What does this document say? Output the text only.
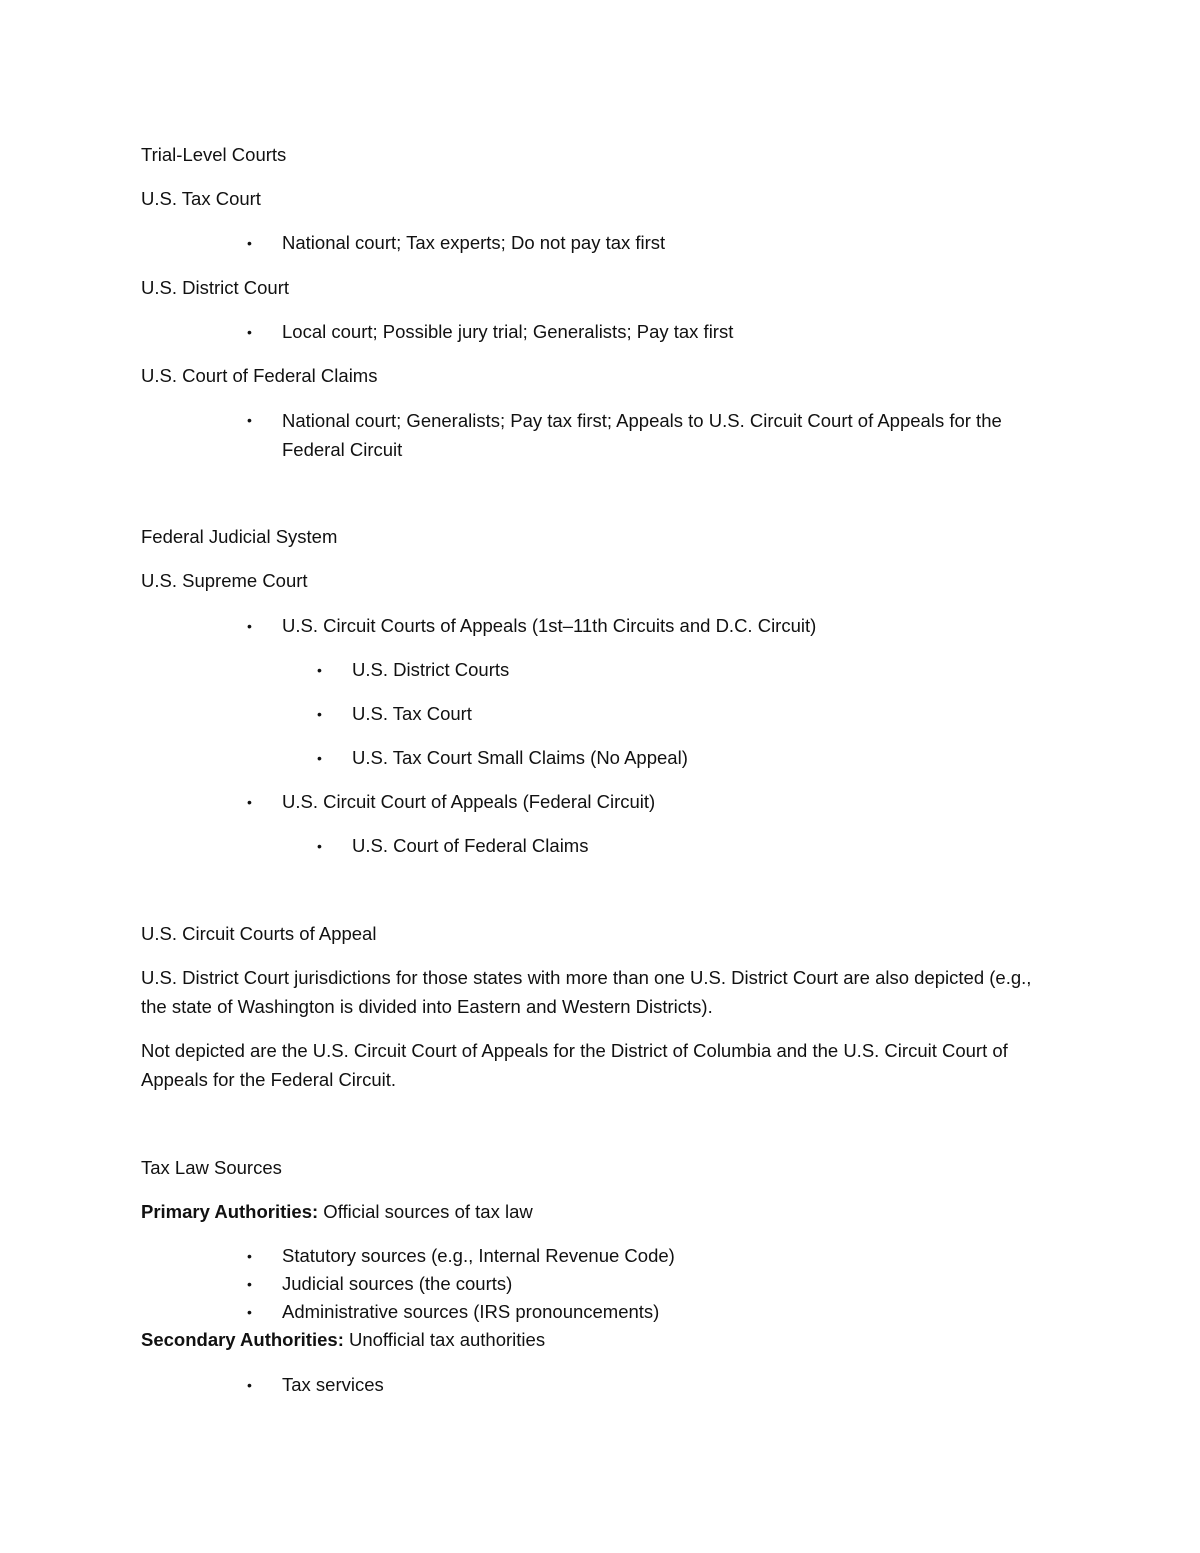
Trial-Level Courts
U.S. Tax Court
•	National court; Tax experts; Do not pay tax first
U.S. District Court
•	Local court; Possible jury trial; Generalists; Pay tax first
U.S. Court of Federal Claims
•	National court; Generalists; Pay tax first; Appeals to U.S. Circuit Court of Appeals for the Federal Circuit
Federal Judicial System
U.S. Supreme Court
•	U.S. Circuit Courts of Appeals (1st–11th Circuits and D.C. Circuit)
•	U.S. District Courts
•	U.S. Tax Court
•	U.S. Tax Court Small Claims (No Appeal)
•	U.S. Circuit Court of Appeals (Federal Circuit)
•	U.S. Court of Federal Claims
U.S. Circuit Courts of Appeal
U.S. District Court jurisdictions for those states with more than one U.S. District Court are also depicted (e.g., the state of Washington is divided into Eastern and Western Districts).
Not depicted are the U.S. Circuit Court of Appeals for the District of Columbia and the U.S. Circuit Court of Appeals for the Federal Circuit.
Tax Law Sources
Primary Authorities: Official sources of tax law
•	Statutory sources (e.g., Internal Revenue Code)
•	Judicial sources (the courts)
•	Administrative sources (IRS pronouncements)
Secondary Authorities: Unofficial tax authorities
•	Tax services
